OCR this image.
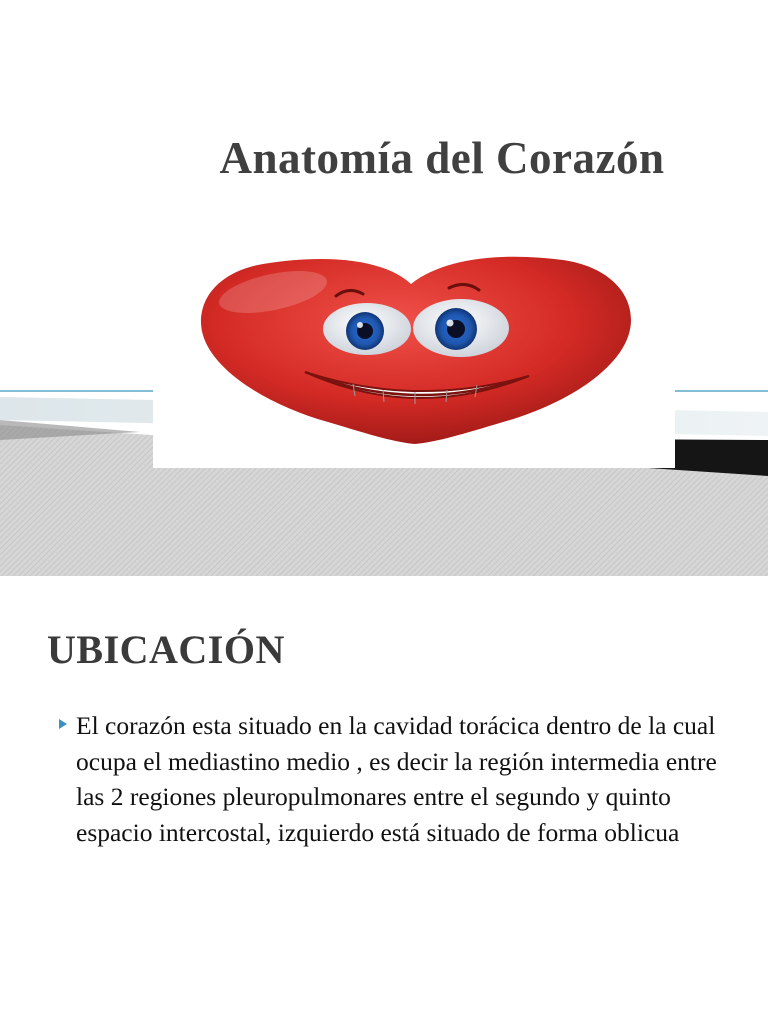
Anatomía del Corazón
UBICACIÓN

El corazón esta situado en la cavidad torácica dentro de la cual ocupa el mediastino medio , es decir la región intermedia entre las 2 regiones pleuropulmonares entre el segundo y quinto espacio intercostal, izquierdo está situado de forma oblicua
